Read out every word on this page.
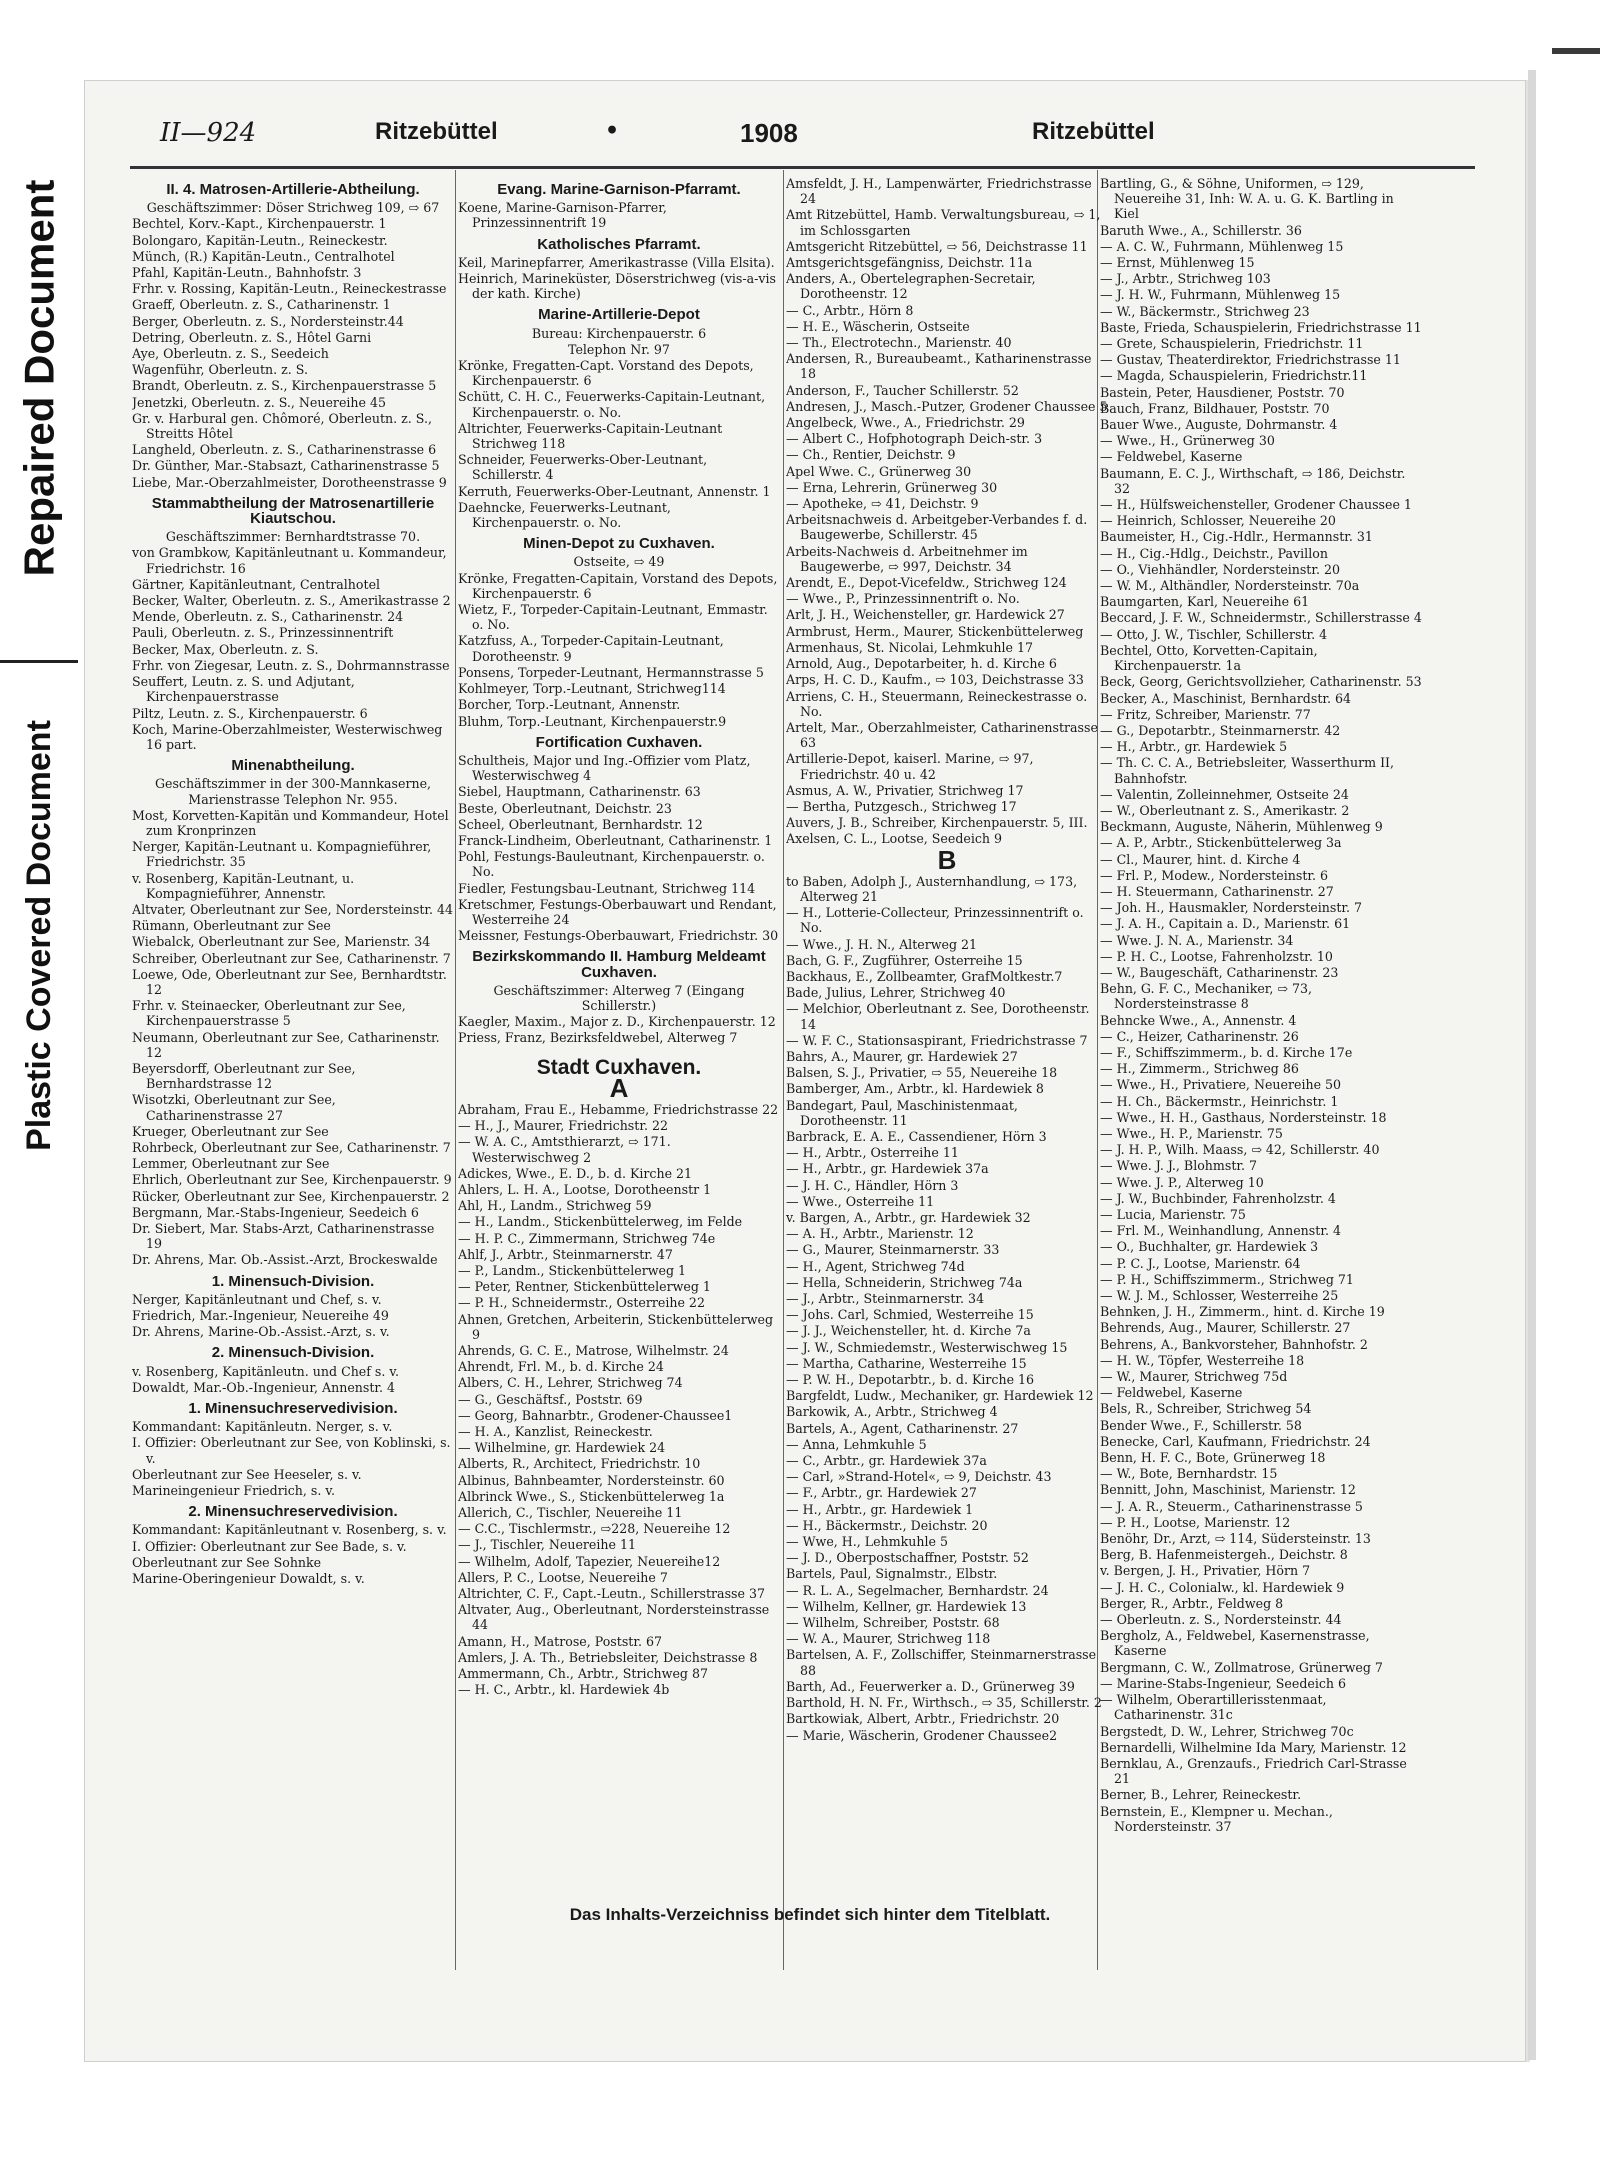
Repaired Document
Plastic Covered Document
II—924	Ritzebüttel	•	1908	Ritzebüttel
II. 4. Matrosen-Artillerie-Abtheilung.

Geschäftszimmer: Döser Strichweg 109, ⇨ 67

Bechtel, Korv.-Kapt., Kirchenpauerstr. 1

Bolongaro, Kapitän-Leutn., Reineckestr.

Münch, (R.) Kapitän-Leutn., Centralhotel

Pfahl, Kapitän-Leutn., Bahnhofstr. 3

Frhr. v. Rossing, Kapitän-Leutn., Reineckestrasse

Graeff, Oberleutn. z. S., Catharinenstr. 1

Berger, Oberleutn. z. S., Nordersteinstr.44

Detring, Oberleutn. z. S., Hôtel Garni

Aye, Oberleutn. z. S., Seedeich

Wagenführ, Oberleutn. z. S.

Brandt, Oberleutn. z. S., Kirchenpauerstrasse 5

Jenetzki, Oberleutn. z. S., Neuereihe 45

Gr. v. Harbural gen. Chômoré, Oberleutn. z. S., Streitts Hôtel

Langheld, Oberleutn. z. S., Catharinenstrasse 6

Dr. Günther, Mar.-Stabsazt, Catharinenstrasse 5

Liebe, Mar.-Oberzahlmeister, Dorotheenstrasse 9

Stammabtheilung der Matrosenartillerie Kiautschou.

Geschäftszimmer: Bernhardtstrasse 70.

von Grambkow, Kapitänleutnant u. Kommandeur, Friedrichstr. 16

Gärtner, Kapitänleutnant, Centralhotel

Becker, Walter, Oberleutn. z. S., Amerikastrasse 2

Mende, Oberleutn. z. S., Catharinenstr. 24

Pauli, Oberleutn. z. S., Prinzessinnentrift

Becker, Max, Oberleutn. z. S.

Frhr. von Ziegesar, Leutn. z. S., Dohrmannstrasse

Seuffert, Leutn. z. S. und Adjutant, Kirchenpauerstrasse

Piltz, Leutn. z. S., Kirchenpauerstr. 6

Koch, Marine-Oberzahlmeister, Westerwischweg 16 part.

Minenabtheilung.

Geschäftszimmer in der 300-Mannkaserne, Marienstrasse Telephon Nr. 955.

Most, Korvetten-Kapitän und Kommandeur, Hotel zum Kronprinzen

Nerger, Kapitän-Leutnant u. Kompagnieführer, Friedrichstr. 35

v. Rosenberg, Kapitän-Leutnant, u. Kompagnieführer, Annenstr.

Altvater, Oberleutnant zur See, Nordersteinstr. 44

Rümann, Oberleutnant zur See

Wiebalck, Oberleutnant zur See, Marienstr. 34

Schreiber, Oberleutnant zur See, Catharinenstr. 7

Loewe, Ode, Oberleutnant zur See, Bernhardtstr. 12

Frhr. v. Steinaecker, Oberleutnant zur See, Kirchenpauerstrasse 5

Neumann, Oberleutnant zur See, Catharinenstr. 12

Beyersdorff, Oberleutnant zur See, Bernhardstrasse 12

Wisotzki, Oberleutnant zur See, Catharinenstrasse 27

Krueger, Oberleutnant zur See

Rohrbeck, Oberleutnant zur See, Catharinenstr. 7

Lemmer, Oberleutnant zur See

Ehrlich, Oberleutnant zur See, Kirchenpauerstr. 9

Rücker, Oberleutnant zur See, Kirchenpauerstr. 2

Bergmann, Mar.-Stabs-Ingenieur, Seedeich 6

Dr. Siebert, Mar. Stabs-Arzt, Catharinenstrasse 19

Dr. Ahrens, Mar. Ob.-Assist.-Arzt, Brockeswalde

1. Minensuch-Division.

Nerger, Kapitänleutnant und Chef, s. v.

Friedrich, Mar.-Ingenieur, Neuereihe 49

Dr. Ahrens, Marine-Ob.-Assist.-Arzt, s. v.

2. Minensuch-Division.

v. Rosenberg, Kapitänleutn. und Chef s. v.

Dowaldt, Mar.-Ob.-Ingenieur, Annenstr. 4

1. Minensuchreservedivision.

Kommandant: Kapitänleutn. Nerger, s. v.

I. Offizier: Oberleutnant zur See, von Koblinski, s. v.

Oberleutnant zur See Heeseler, s. v.

Marineingenieur Friedrich, s. v.

2. Minensuchreservedivision.

Kommandant: Kapitänleutnant v. Rosenberg, s. v.

I. Offizier: Oberleutnant zur See Bade, s. v.

Oberleutnant zur See Sohnke

Marine-Oberingenieur Dowaldt, s. v.

Evang. Marine-Garnison-Pfarramt.

Koene, Marine-Garnison-Pfarrer, Prinzessinnentrift 19

Katholisches Pfarramt.

Keil, Marinepfarrer, Amerikastrasse (Villa Elsita).

Heinrich, Marineküster, Döserstrichweg (vis-a-vis der kath. Kirche)

Marine-Artillerie-Depot

Bureau: Kirchenpauerstr. 6

Telephon Nr. 97

Krönke, Fregatten-Capt. Vorstand des Depots, Kirchenpauerstr. 6

Schütt, C. H. C., Feuerwerks-Capitain-Leutnant, Kirchenpauerstr. o. No.

Altrichter, Feuerwerks-Capitain-Leutnant Strichweg 118

Schneider, Feuerwerks-Ober-Leutnant, Schillerstr. 4

Kerruth, Feuerwerks-Ober-Leutnant, Annenstr. 1

Daehncke, Feuerwerks-Leutnant, Kirchenpauerstr. o. No.

Minen-Depot zu Cuxhaven.

Ostseite, ⇨ 49

Krönke, Fregatten-Capitain, Vorstand des Depots, Kirchenpauerstr. 6

Wietz, F., Torpeder-Capitain-Leutnant, Emmastr. o. No.

Katzfuss, A., Torpeder-Capitain-Leutnant, Dorotheenstr. 9

Ponsens, Torpeder-Leutnant, Hermannstrasse 5

Kohlmeyer, Torp.-Leutnant, Strichweg114

Borcher, Torp.-Leutnant, Annenstr.

Bluhm, Torp.-Leutnant, Kirchenpauerstr.9

Fortification Cuxhaven.

Schultheis, Major und Ing.-Offizier vom Platz, Westerwischweg 4

Siebel, Hauptmann, Catharinenstr. 63

Beste, Oberleutnant, Deichstr. 23

Scheel, Oberleutnant, Bernhardstr. 12

Franck-Lindheim, Oberleutnant, Catharinenstr. 1

Pohl, Festungs-Bauleutnant, Kirchenpauerstr. o. No.

Fiedler, Festungsbau-Leutnant, Strichweg 114

Kretschmer, Festungs-Oberbauwart und Rendant, Westerreihe 24

Meissner, Festungs-Oberbauwart, Friedrichstr. 30

Bezirkskommando II. Hamburg Meldeamt Cuxhaven.

Geschäftszimmer: Alterweg 7 (Eingang Schillerstr.)

Kaegler, Maxim., Major z. D., Kirchenpauerstr. 12

Priess, Franz, Bezirksfeldwebel, Alterweg 7

Stadt Cuxhaven.
A

Abraham, Frau E., Hebamme, Friedrichstrasse 22

— H., J., Maurer, Friedrichstr. 22

— W. A. C., Amtsthierarzt, ⇨ 171. Westerwischweg 2

Adickes, Wwe., E. D., b. d. Kirche 21

Ahlers, L. H. A., Lootse, Dorotheenstr 1

Ahl, H., Landm., Strichweg 59

— H., Landm., Stickenbüttelerweg, im Felde

— H. P. C., Zimmermann, Strichweg 74e

Ahlf, J., Arbtr., Steinmarnerstr. 47

— P., Landm., Stickenbüttelerweg 1

— Peter, Rentner, Stickenbüttelerweg 1

— P. H., Schneidermstr., Osterreihe 22

Ahnen, Gretchen, Arbeiterin, Stickenbüttelerweg 9

Ahrends, G. C. E., Matrose, Wilhelmstr. 24

Ahrendt, Frl. M., b. d. Kirche 24

Albers, C. H., Lehrer, Strichweg 74

— G., Geschäftsf., Poststr. 69

— Georg, Bahnarbtr., Grodener-Chaussee1

— H. A., Kanzlist, Reineckestr.

— Wilhelmine, gr. Hardewiek 24

Alberts, R., Architect, Friedrichstr. 10

Albinus, Bahnbeamter, Nordersteinstr. 60

Albrinck Wwe., S., Stickenbüttelerweg 1a

Allerich, C., Tischler, Neuereihe 11

— C.C., Tischlermstr., ⇨228, Neuereihe 12

— J., Tischler, Neuereihe 11

— Wilhelm, Adolf, Tapezier, Neuereihe12

Allers, P. C., Lootse, Neuereihe 7

Altrichter, C. F., Capt.-Leutn., Schillerstrasse 37

Altvater, Aug., Oberleutnant, Nordersteinstrasse 44

Amann, H., Matrose, Poststr. 67

Amlers, J. A. Th., Betriebsleiter, Deichstrasse 8

Ammermann, Ch., Arbtr., Strichweg 87

— H. C., Arbtr., kl. Hardewiek 4b

Amsfeldt, J. H., Lampenwärter, Friedrichstrasse 24

Amt Ritzebüttel, Hamb. Verwaltungsbureau, ⇨ 1, im Schlossgarten

Amtsgericht Ritzebüttel, ⇨ 56, Deichstrasse 11

Amtsgerichtsgefängniss, Deichstr. 11a

Anders, A., Obertelegraphen-Secretair, Dorotheenstr. 12

— C., Arbtr., Hörn 8

— H. E., Wäscherin, Ostseite

— Th., Electrotechn., Marienstr. 40

Andersen, R., Bureaubeamt., Katharinenstrasse 18

Anderson, F., Taucher Schillerstr. 52

Andresen, J., Masch.-Putzer, Grodener Chaussee 5

Angelbeck, Wwe., A., Friedrichstr. 29

— Albert C., Hofphotograph Deich-str. 3

— Ch., Rentier, Deichstr. 9

Apel Wwe. C., Grünerweg 30

— Erna, Lehrerin, Grünerweg 30

— Apotheke, ⇨ 41, Deichstr. 9

Arbeitsnachweis d. Arbeitgeber-Verbandes f. d. Baugewerbe, Schillerstr. 45

Arbeits-Nachweis d. Arbeitnehmer im Baugewerbe, ⇨ 997, Deichstr. 34

Arendt, E., Depot-Vicefeldw., Strichweg 124

— Wwe., P., Prinzessinnentrift o. No.

Arlt, J. H., Weichensteller, gr. Hardewick 27

Armbrust, Herm., Maurer, Stickenbüttelerweg

Armenhaus, St. Nicolai, Lehmkuhle 17

Arnold, Aug., Depotarbeiter, h. d. Kirche 6

Arps, H. C. D., Kaufm., ⇨ 103, Deichstrasse 33

Arriens, C. H., Steuermann, Reineckestrasse o. No.

Artelt, Mar., Oberzahlmeister, Catharinenstrasse 63

Artillerie-Depot, kaiserl. Marine, ⇨ 97, Friedrichstr. 40 u. 42

Asmus, A. W., Privatier, Strichweg 17

— Bertha, Putzgesch., Strichweg 17

Auvers, J. B., Schreiber, Kirchenpauerstr. 5, III.

Axelsen, C. L., Lootse, Seedeich 9

B

to Baben, Adolph J., Austernhandlung, ⇨ 173, Alterweg 21

— H., Lotterie-Collecteur, Prinzessinnentrift o. No.

— Wwe., J. H. N., Alterweg 21

Bach, G. F., Zugführer, Osterreihe 15

Backhaus, E., Zollbeamter, GrafMoltkestr.7

Bade, Julius, Lehrer, Strichweg 40

— Melchior, Oberleutnant z. See, Dorotheenstr. 14

— W. F. C., Stationsaspirant, Friedrichstrasse 7

Bahrs, A., Maurer, gr. Hardewiek 27

Balsen, S. J., Privatier, ⇨ 55, Neuereihe 18

Bamberger, Am., Arbtr., kl. Hardewiek 8

Bandegart, Paul, Maschinistenmaat, Dorotheenstr. 11

Barbrack, E. A. E., Cassendiener, Hörn 3

— H., Arbtr., Osterreihe 11

— H., Arbtr., gr. Hardewiek 37a

— J. H. C., Händler, Hörn 3

— Wwe., Osterreihe 11

v. Bargen, A., Arbtr., gr. Hardewiek 32

— A. H., Arbtr., Marienstr. 12

— G., Maurer, Steinmarnerstr. 33

— H., Agent, Strichweg 74d

— Hella, Schneiderin, Strichweg 74a

— J., Arbtr., Steinmarnerstr. 34

— Johs. Carl, Schmied, Westerreihe 15

— J. J., Weichensteller, ht. d. Kirche 7a

— J. W., Schmiedemstr., Westerwischweg 15

— Martha, Catharine, Westerreihe 15

— P. W. H., Depotarbtr., b. d. Kirche 16

Bargfeldt, Ludw., Mechaniker, gr. Hardewiek 12

Barkowik, A., Arbtr., Strichweg 4

Bartels, A., Agent, Catharinenstr. 27

— Anna, Lehmkuhle 5

— C., Arbtr., gr. Hardewiek 37a

— Carl, »Strand-Hotel«, ⇨ 9, Deichstr. 43

— F., Arbtr., gr. Hardewiek 27

— H., Arbtr., gr. Hardewiek 1

— H., Bäckermstr., Deichstr. 20

— Wwe, H., Lehmkuhle 5

— J. D., Oberpostschaffner, Poststr. 52

Bartels, Paul, Signalmstr., Elbstr.

— R. L. A., Segelmacher, Bernhardstr. 24

— Wilhelm, Kellner, gr. Hardewiek 13

— Wilhelm, Schreiber, Poststr. 68

— W. A., Maurer, Strichweg 118

Bartelsen, A. F., Zollschiffer, Steinmarnerstrasse 88

Barth, Ad., Feuerwerker a. D., Grünerweg 39

Barthold, H. N. Fr., Wirthsch., ⇨ 35, Schillerstr. 2

Bartkowiak, Albert, Arbtr., Friedrichstr. 20

— Marie, Wäscherin, Grodener Chaussee2

Bartling, G., & Söhne, Uniformen, ⇨ 129, Neuereihe 31, Inh: W. A. u. G. K. Bartling in Kiel

Baruth Wwe., A., Schillerstr. 36

— A. C. W., Fuhrmann, Mühlenweg 15

— Ernst, Mühlenweg 15

— J., Arbtr., Strichweg 103

— J. H. W., Fuhrmann, Mühlenweg 15

— W., Bäckermstr., Strichweg 23

Baste, Frieda, Schauspielerin, Friedrichstrasse 11

— Grete, Schauspielerin, Friedrichstr. 11

— Gustav, Theaterdirektor, Friedrichstrasse 11

— Magda, Schauspielerin, Friedrichstr.11

Bastein, Peter, Hausdiener, Poststr. 70

Bauch, Franz, Bildhauer, Poststr. 70

Bauer Wwe., Auguste, Dohrmanstr. 4

— Wwe., H., Grünerweg 30

— Feldwebel, Kaserne

Baumann, E. C. J., Wirthschaft, ⇨ 186, Deichstr. 32

— H., Hülfsweichensteller, Grodener Chaussee 1

— Heinrich, Schlosser, Neuereihe 20

Baumeister, H., Cig.-Hdlr., Hermannstr. 31

— H., Cig.-Hdlg., Deichstr., Pavillon

— O., Viehhändler, Nordersteinstr. 20

— W. M., Althändler, Nordersteinstr. 70a

Baumgarten, Karl, Neuereihe 61

Beccard, J. F. W., Schneidermstr., Schillerstrasse 4

— Otto, J. W., Tischler, Schillerstr. 4

Bechtel, Otto, Korvetten-Capitain, Kirchenpauerstr. 1a

Beck, Georg, Gerichtsvollzieher, Catharinenstr. 53

Becker, A., Maschinist, Bernhardstr. 64

— Fritz, Schreiber, Marienstr. 77

— G., Depotarbtr., Steinmarnerstr. 42

— H., Arbtr., gr. Hardewiek 5

— Th. C. C. A., Betriebsleiter, Wasserthurm II, Bahnhofstr.

— Valentin, Zolleinnehmer, Ostseite 24

— W., Oberleutnant z. S., Amerikastr. 2

Beckmann, Auguste, Näherin, Mühlenweg 9

— A. P., Arbtr., Stickenbüttelerweg 3a

— Cl., Maurer, hint. d. Kirche 4

— Frl. P., Modew., Nordersteinstr. 6

— H. Steuermann, Catharinenstr. 27

— Joh. H., Hausmakler, Nordersteinstr. 7

— J. A. H., Capitain a. D., Marienstr. 61

— Wwe. J. N. A., Marienstr. 34

— P. H. C., Lootse, Fahrenholzstr. 10

— W., Baugeschäft, Catharinenstr. 23

Behn, G. F. C., Mechaniker, ⇨ 73, Nordersteinstrasse 8

Behncke Wwe., A., Annenstr. 4

— C., Heizer, Catharinenstr. 26

— F., Schiffszimmerm., b. d. Kirche 17e

— H., Zimmerm., Strichweg 86

— Wwe., H., Privatiere, Neuereihe 50

— H. Ch., Bäckermstr., Heinrichstr. 1

— Wwe., H. H., Gasthaus, Nordersteinstr. 18

— Wwe., H. P., Marienstr. 75

— J. H. P., Wilh. Maass, ⇨ 42, Schillerstr. 40

— Wwe. J. J., Blohmstr. 7

— Wwe. J. P., Alterweg 10

— J. W., Buchbinder, Fahrenholzstr. 4

— Lucia, Marienstr. 75

— Frl. M., Weinhandlung, Annenstr. 4

— O., Buchhalter, gr. Hardewiek 3

— P. C. J., Lootse, Marienstr. 64

— P. H., Schiffszimmerm., Strichweg 71

— W. J. M., Schlosser, Westerreihe 25

Behnken, J. H., Zimmerm., hint. d. Kirche 19

Behrends, Aug., Maurer, Schillerstr. 27

Behrens, A., Bankvorsteher, Bahnhofstr. 2

— H. W., Töpfer, Westerreihe 18

— W., Maurer, Strichweg 75d

— Feldwebel, Kaserne

Bels, R., Schreiber, Strichweg 54

Bender Wwe., F., Schillerstr. 58

Benecke, Carl, Kaufmann, Friedrichstr. 24

Benn, H. F. C., Bote, Grünerweg 18

— W., Bote, Bernhardstr. 15

Bennitt, John, Maschinist, Marienstr. 12

— J. A. R., Steuerm., Catharinenstrasse 5

— P. H., Lootse, Marienstr. 12

Benöhr, Dr., Arzt, ⇨ 114, Südersteinstr. 13

Berg, B. Hafenmeistergeh., Deichstr. 8

v. Bergen, J. H., Privatier, Hörn 7

— J. H. C., Colonialw., kl. Hardewiek 9

Berger, R., Arbtr., Feldweg 8

— Oberleutn. z. S., Nordersteinstr. 44

Bergholz, A., Feldwebel, Kasernenstrasse, Kaserne

Bergmann, C. W., Zollmatrose, Grünerweg 7

— Marine-Stabs-Ingenieur, Seedeich 6

— Wilhelm, Oberartillerisstenmaat, Catharinenstr. 31c

Bergstedt, D. W., Lehrer, Strichweg 70c

Bernardelli, Wilhelmine Ida Mary, Marienstr. 12

Bernklau, A., Grenzaufs., Friedrich Carl-Strasse 21

Berner, B., Lehrer, Reineckestr.

Bernstein, E., Klempner u. Mechan., Nordersteinstr. 37

Das Inhalts-Verzeichniss befindet sich hinter dem Titelblatt.
